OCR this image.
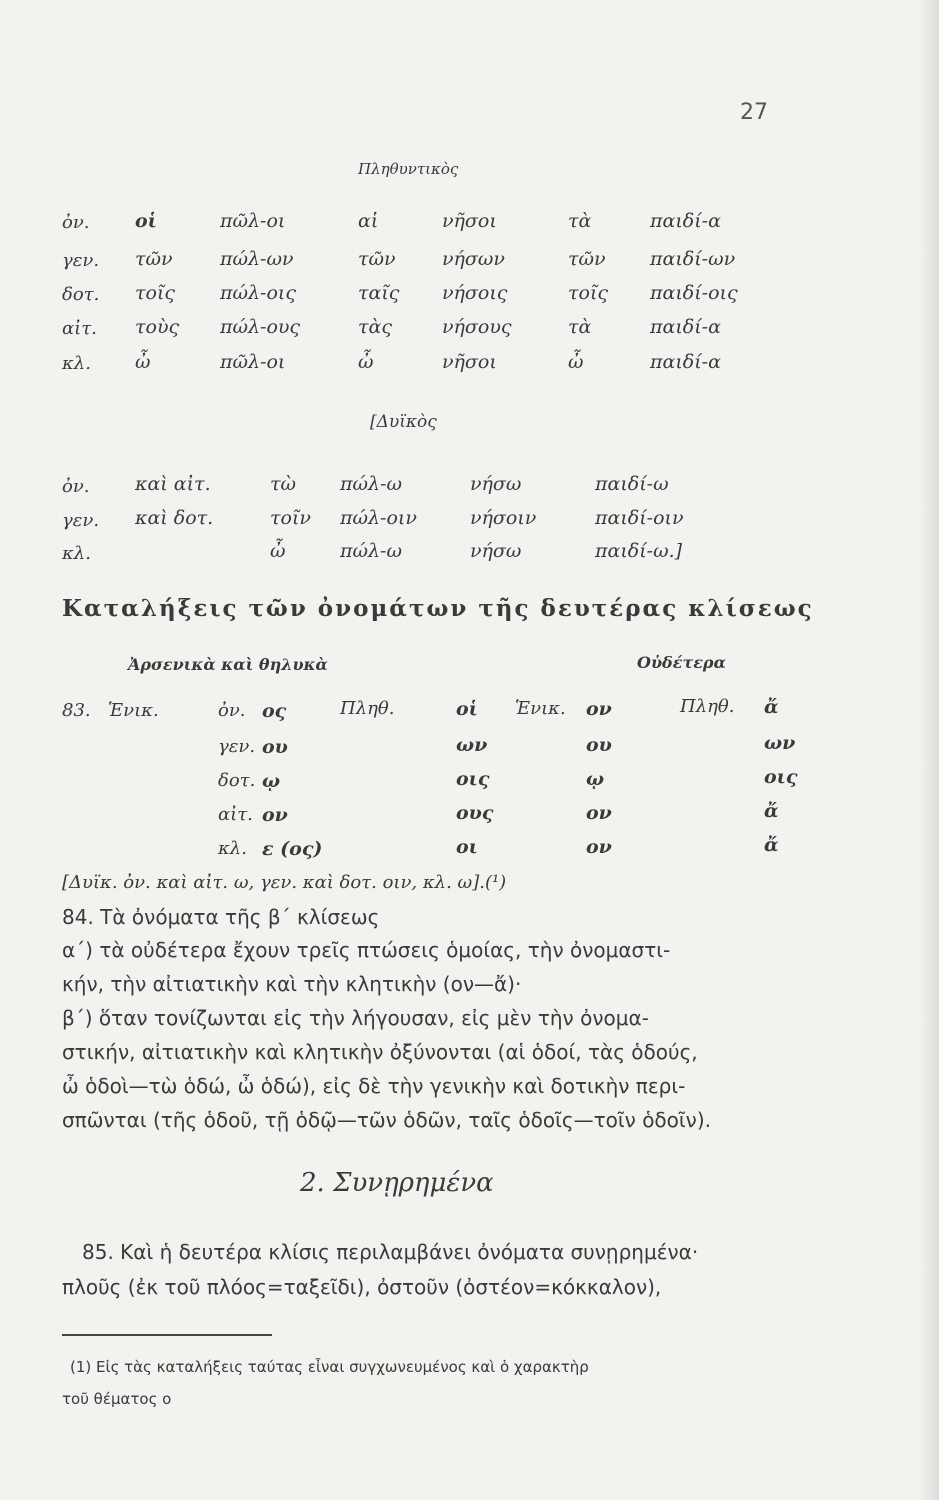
27
Πληθυντικὸς
ὀν. οἱ	πῶλ-οι	αἱ	νῆσοι	τὰ	παιδί-α
γεν. τῶν πώλ-ων	τῶν νήσων	τῶν παιδί-ων
δοτ. τοῖς πώλ-οις	ταῖς νήσοις	τοῖς παιδί-οις
αἰτ. τοὺς πώλ-ους	τὰς	νήσους	τὰ	παιδί-α
κλ. ὦ	πῶλ-οι	ὦ	νῆσοι	ὦ	παιδί-α
[Δυϊκὸς
ὀν. καὶ αἰτ.	τὼ πώλ-ω	νήσω	παιδί-ω
γεν. καὶ δοτ.	τοῖν πώλ-οιν	νήσοιν	παιδί-οιν
κλ.	ὦ	πώλ-ω	νήσω	παιδί-ω.]
Καταλήξεις τῶν ὀνομάτων τῆς δευτέρας κλίσεως
Ἀρσενικὰ καὶ θηλυκὰ	Οὐδέτερα
83. Ἑνικ.	Πληθ.	Ἑνικ.	Πληθ.
ὀν. ος	οἱ	ον	ἄ
γεν. ου	ων	ου	ων
δοτ. ῳ	οις	ῳ	οις
αἰτ. ον	ους	ον	ἄ
κλ. ε (ος)	οι	ον	ἄ
[Δυϊκ. ὀν. καὶ αἰτ. ω, γεν. καὶ δοτ. οιν, κλ. ω].(¹)
84. Τὰ ὀνόματα τῆς β΄ κλίσεως
α΄) τὰ οὐδέτερα ἔχουν τρεῖς πτώσεις ὁμοίας, τὴν ὀνομαστι-
κήν, τὴν αἰτιατικὴν καὶ τὴν κλητικὴν (ον—ἄ)·
β΄) ὅταν τονίζωνται εἰς τὴν λήγουσαν, εἰς μὲν τὴν ὀνομα-
στικήν, αἰτιατικὴν καὶ κλητικὴν ὀξύνονται (αἱ ὁδοί, τὰς ὁδούς,
ὦ ὁδοὶ—τὼ ὁδώ, ὦ ὁδώ), εἰς δὲ τὴν γενικὴν καὶ δοτικὴν περι-
σπῶνται (τῆς ὁδοῦ, τῇ ὁδῷ—τῶν ὁδῶν, ταῖς ὁδοῖς—τοῖν ὁδοῖν).
2. Συνῃρημένα
85. Καὶ ἡ δευτέρα κλίσις περιλαμβάνει ὀνόματα συνῃρημένα·
πλοῦς (ἐκ τοῦ πλόος=ταξεῖδι), ὀστοῦν (ὀστέον=κόκκαλον),
(1) Εἰς τὰς καταλήξεις ταύτας εἶναι συγχωνευμένος καὶ ὁ χαρακτὴρ
τοῦ θέματος ο
